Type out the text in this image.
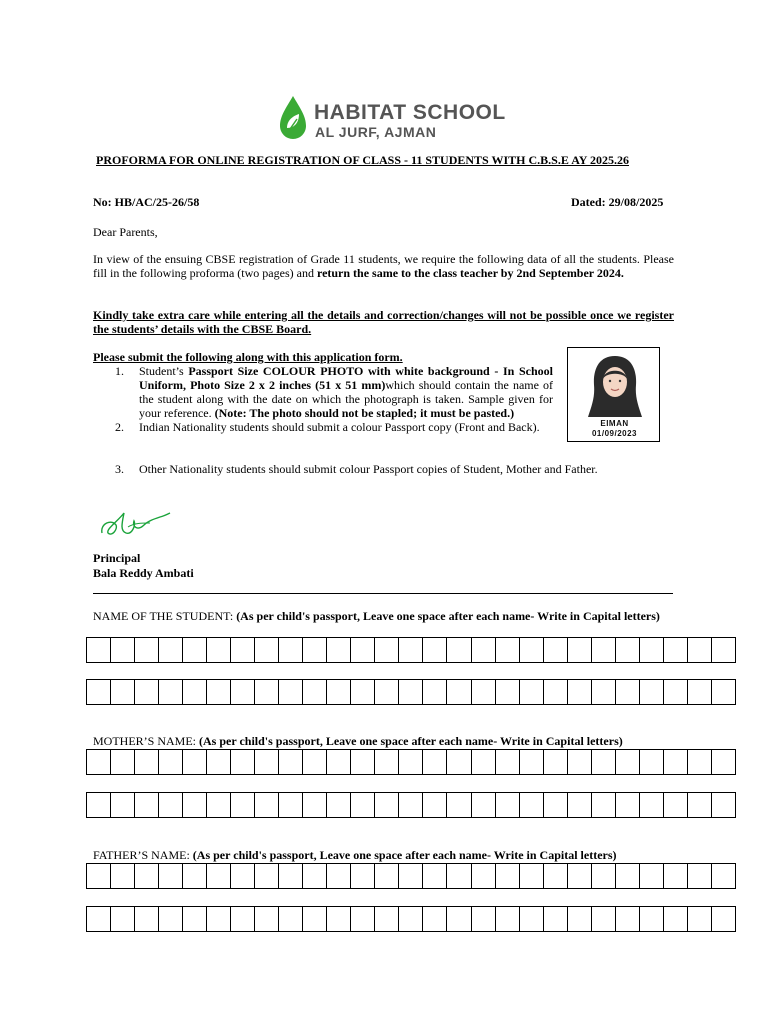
HABITAT SCHOOL
AL JURF, AJMAN
PROFORMA FOR ONLINE REGISTRATION OF CLASS - 11 STUDENTS WITH C.B.S.E AY 2025.26
No: HB/AC/25-26/58	Dated: 29/08/2025
Dear Parents,
In view of the ensuing CBSE registration of Grade 11 students, we require the following data of all the students. Please fill in the following proforma (two pages) and return the same to the class teacher by 2nd September 2024.
Kindly take extra care while entering all the details and correction/changes will not be possible once we register the students’ details with the CBSE Board.
Please submit the following along with this application form.
1. Student’s Passport Size COLOUR PHOTO with white background - In School Uniform, Photo Size 2 x 2 inches (51 x 51 mm)which should contain the name of the student along with the date on which the photograph is taken. Sample given for your reference. (Note: The photo should not be stapled; it must be pasted.)
2. Indian Nationality students should submit a colour Passport copy (Front and Back).
3. Other Nationality students should submit colour Passport copies of Student, Mother and Father.
EIMAN
01/09/2023
Principal
Bala Reddy Ambati
NAME OF THE STUDENT: (As per child's passport, Leave one space after each name- Write in Capital letters)
MOTHER’S NAME: (As per child's passport, Leave one space after each name- Write in Capital letters)
FATHER’S NAME: (As per child's passport, Leave one space after each name- Write in Capital letters)
